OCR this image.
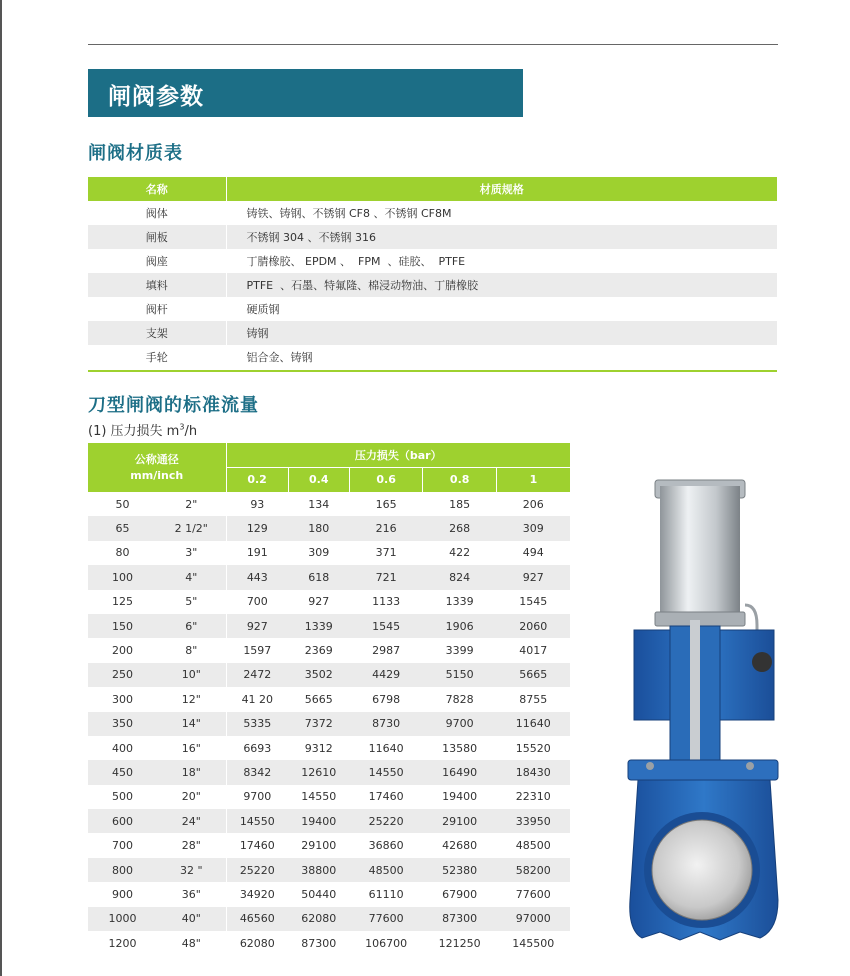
闸阀参数
闸阀材质表
名称	材质规格
阀体	铸铁、铸钢、不锈钢 CF8 、不锈钢 CF8M
闸板	不锈钢 304 、不锈钢 316
阀座	丁腈橡胶、 EPDM 、  FPM  、硅胶、  PTFE
填料	PTFE  、石墨、特氟隆、棉浸动物油、丁腈橡胶
阀杆	硬质钢
支架	铸钢
手轮	铝合金、铸钢
刀型闸阀的标准流量
(1) 压力损失 $m^3/h$
公称通径
mm/inch		压力损失（bar）				
		0.2	0.4	0.6	0.8	1
50	2"	93	134	165	185	206
65	2 1/2"	129	180	216	268	309
80	3"	191	309	371	422	494
100	4"	443	618	721	824	927
125	5"	700	927	1133	1339	1545
150	6"	927	1339	1545	1906	2060
200	8"	1597	2369	2987	3399	4017
250	10"	2472	3502	4429	5150	5665
300	12"	41 20	5665	6798	7828	8755
350	14"	5335	7372	8730	9700	11640
400	16"	6693	9312	11640	13580	15520
450	18"	8342	12610	14550	16490	18430
500	20"	9700	14550	17460	19400	22310
600	24"	14550	19400	25220	29100	33950
700	28"	17460	29100	36860	42680	48500
800	32 "	25220	38800	48500	52380	58200
900	36"	34920	50440	61110	67900	77600
1000	40"	46560	62080	77600	87300	97000
1200	48"	62080	87300	106700	121250	145500
